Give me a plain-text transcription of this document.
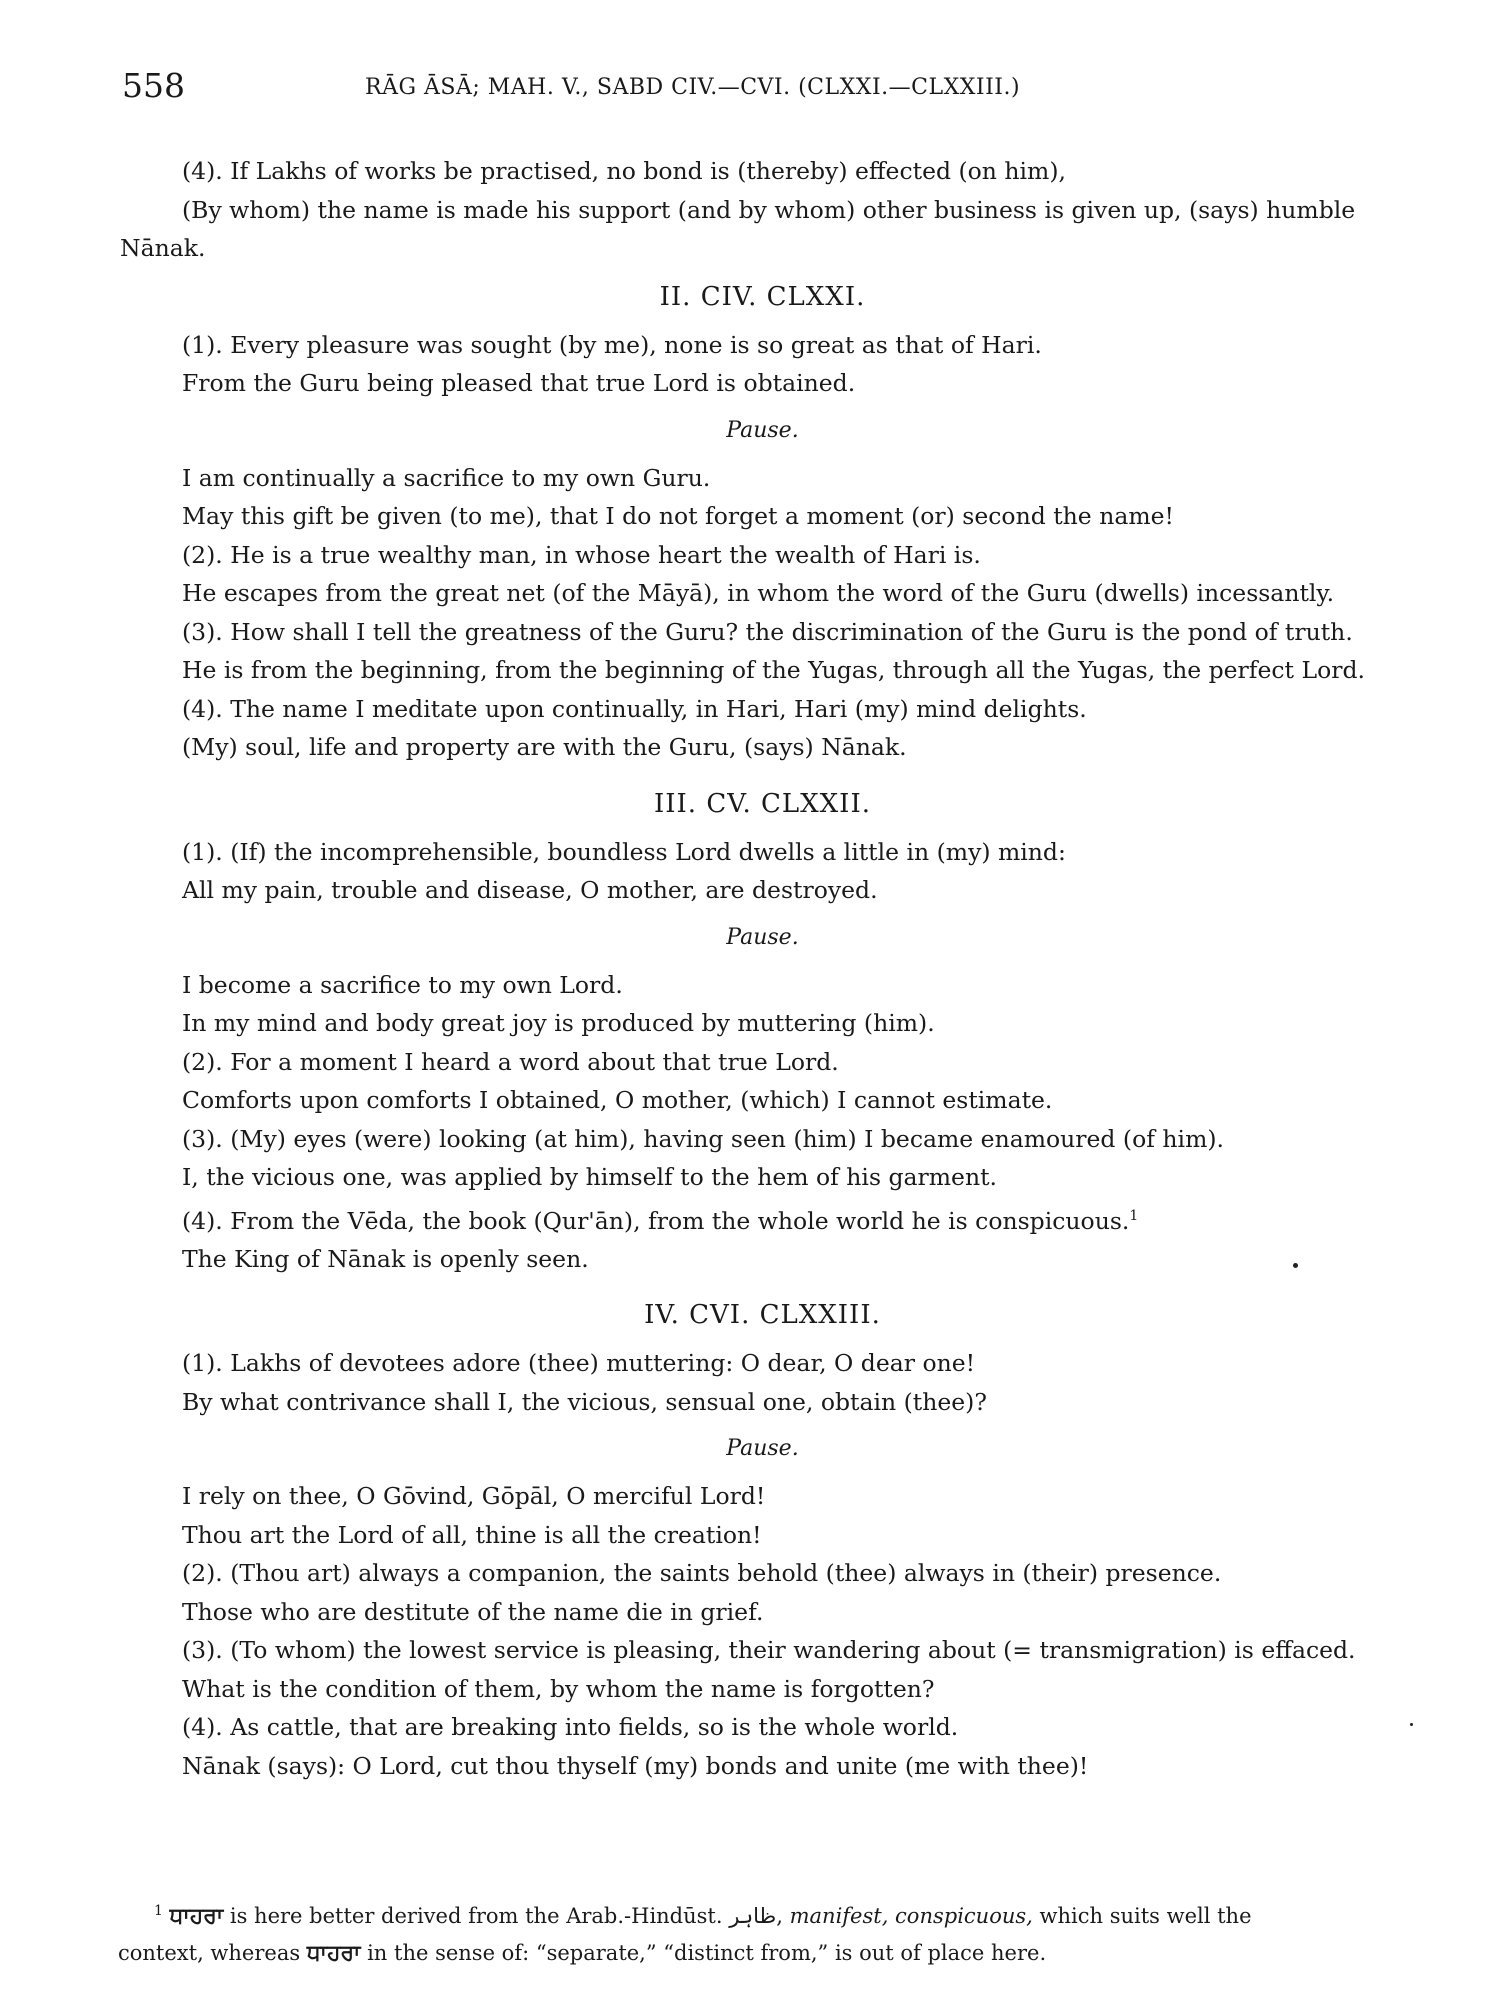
558	RĀG ĀSĀ; MAH. V., SABD CIV.—CVI. (CLXXI.—CLXXIII.)
(4). If Lakhs of works be practised, no bond is (thereby) effected (on him),
(By whom) the name is made his support (and by whom) other business is given up, (says) humble
Nānak.
II. CIV. CLXXI.
(1). Every pleasure was sought (by me), none is so great as that of Hari.
From the Guru being pleased that true Lord is obtained.
Pause.
I am continually a sacrifice to my own Guru.
May this gift be given (to me), that I do not forget a moment (or) second the name!
(2). He is a true wealthy man, in whose heart the wealth of Hari is.
He escapes from the great net (of the Māyā), in whom the word of the Guru (dwells) incessantly.
(3). How shall I tell the greatness of the Guru? the discrimination of the Guru is the pond of truth.
He is from the beginning, from the beginning of the Yugas, through all the Yugas, the perfect Lord.
(4). The name I meditate upon continually, in Hari, Hari (my) mind delights.
(My) soul, life and property are with the Guru, (says) Nānak.
III. CV. CLXXII.
(1). (If) the incomprehensible, boundless Lord dwells a little in (my) mind:
All my pain, trouble and disease, O mother, are destroyed.
Pause.
I become a sacrifice to my own Lord.
In my mind and body great joy is produced by muttering (him).
(2). For a moment I heard a word about that true Lord.
Comforts upon comforts I obtained, O mother, (which) I cannot estimate.
(3). (My) eyes (were) looking (at him), having seen (him) I became enamoured (of him).
I, the vicious one, was applied by himself to the hem of his garment.
(4). From the Vēda, the book (Qur'ān), from the whole world he is conspicuous.$^1$
The King of Nānak is openly seen.
IV. CVI. CLXXIII.
(1). Lakhs of devotees adore (thee) muttering: O dear, O dear one!
By what contrivance shall I, the vicious, sensual one, obtain (thee)?
Pause.
I rely on thee, O Gōvind, Gōpāl, O merciful Lord!
Thou art the Lord of all, thine is all the creation!
(2). (Thou art) always a companion, the saints behold (thee) always in (their) presence.
Those who are destitute of the name die in grief.
(3). (To whom) the lowest service is pleasing, their wandering about (= transmigration) is effaced.
What is the condition of them, by whom the name is forgotten?
(4). As cattle, that are breaking into fields, so is the whole world.
Nānak (says): O Lord, cut thou thyself (my) bonds and unite (me with thee)!
$^1$ ਧਾਹਰਾ is here better derived from the Arab.-Hindūst. ظاہر, manifest, conspicuous, which suits well the
context, whereas ਧਾਹਰਾ in the sense of: “separate,” “distinct from,” is out of place here.
